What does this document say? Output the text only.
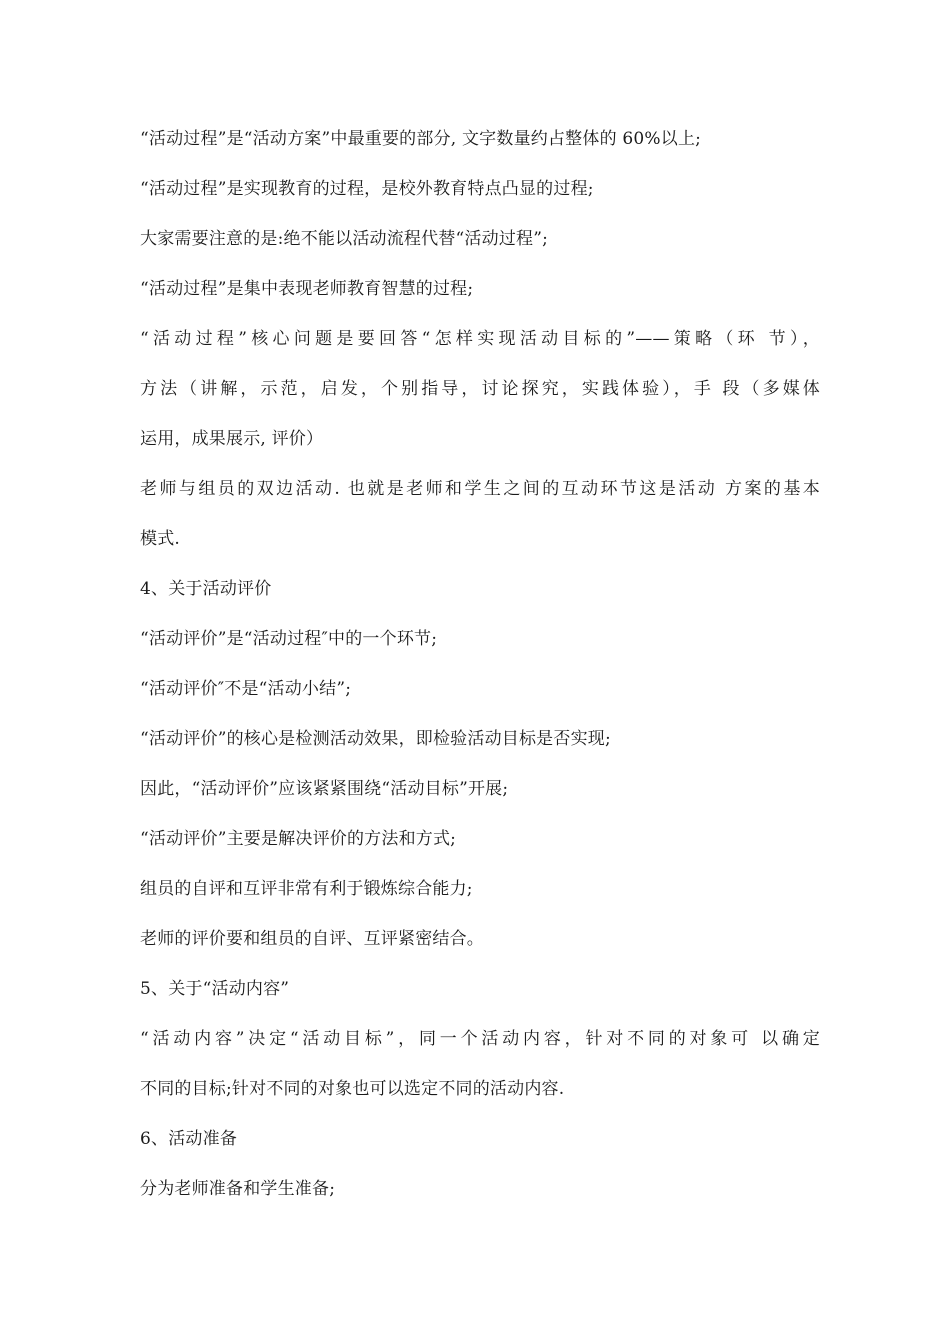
“活动过程”是“活动方案”中最重要的部分, 文字数量约占整体的 60%以上;
“活动过程”是实现教育的过程，是校外教育特点凸显的过程;
大家需要注意的是:绝不能以活动流程代替“活动过程”;
“活动过程”是集中表现老师教育智慧的过程;
“活动过程”核心问题是要回答“怎样实现活动目标的”——策略（环 节），
方法（讲解，示范，启发，个别指导，讨论探究，实践体验），手 段（多媒体
运用，成果展示, 评价）
老师与组员的双边活动. 也就是老师和学生之间的互动环节这是活动 方案的基本
模式.
4、关于活动评价
“活动评价”是“活动过程″中的一个环节;
“活动评价″不是“活动小结”;
“活动评价”的核心是检测活动效果，即检验活动目标是否实现;
因此，“活动评价”应该紧紧围绕“活动目标”开展;
“活动评价”主要是解决评价的方法和方式;
组员的自评和互评非常有利于锻炼综合能力;
老师的评价要和组员的自评、互评紧密结合。
5、关于“活动内容”
“活动内容”决定“活动目标”，同一个活动内容，针对不同的对象可 以确定
不同的目标;针对不同的对象也可以选定不同的活动内容.
6、活动准备
分为老师准备和学生准备;
